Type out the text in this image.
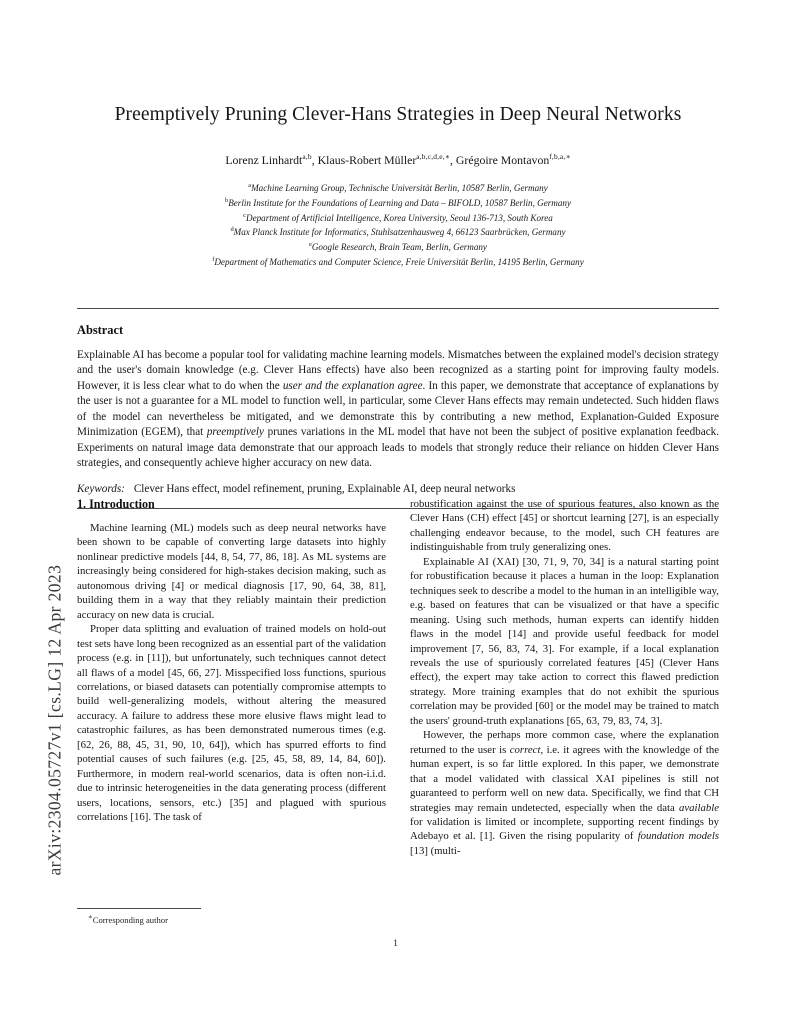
arXiv:2304.05727v1 [cs.LG] 12 Apr 2023
Preemptively Pruning Clever-Hans Strategies in Deep Neural Networks

Lorenz Linhardt$^{a,b}$, Klaus-Robert Müller$^{a,b,c,d,e,∗}$, Grégoire Montavon$^{f,b,a,∗}$

$^a$Machine Learning Group, Technische Universität Berlin, 10587 Berlin, Germany
$^b$Berlin Institute for the Foundations of Learning and Data – BIFOLD, 10587 Berlin, Germany
$^c$Department of Artificial Intelligence, Korea University, Seoul 136-713, South Korea
$^d$Max Planck Institute for Informatics, Stuhlsatzenhausweg 4, 66123 Saarbrücken, Germany
$^e$Google Research, Brain Team, Berlin, Germany
$^f$Department of Mathematics and Computer Science, Freie Universität Berlin, 14195 Berlin, Germany
Abstract

Explainable AI has become a popular tool for validating machine learning models. Mismatches between the explained model's decision strategy and the user's domain knowledge (e.g. Clever Hans effects) have also been recognized as a starting point for improving faulty models. However, it is less clear what to do when the user and the explanation agree. In this paper, we demonstrate that acceptance of explanations by the user is not a guarantee for a ML model to function well, in particular, some Clever Hans effects may remain undetected. Such hidden flaws of the model can nevertheless be mitigated, and we demonstrate this by contributing a new method, Explanation-Guided Exposure Minimization (EGEM), that preemptively prunes variations in the ML model that have not been the subject of positive explanation feedback. Experiments on natural image data demonstrate that our approach leads to models that strongly reduce their reliance on hidden Clever Hans strategies, and consequently achieve higher accuracy on new data.

Keywords: Clever Hans effect, model refinement, pruning, Explainable AI, deep neural networks

1. Introduction

Machine learning (ML) models such as deep neural networks have been shown to be capable of converting large datasets into highly nonlinear predictive models [44, 8, 54, 77, 86, 18]. As ML systems are increasingly being considered for high-stakes decision making, such as autonomous driving [4] or medical diagnosis [17, 90, 64, 38, 81], building them in a way that they reliably maintain their prediction accuracy on new data is crucial.

Proper data splitting and evaluation of trained models on hold-out test sets have long been recognized as an essential part of the validation process (e.g. in [11]), but unfortunately, such techniques cannot detect all flaws of a model [45, 66, 27]. Misspecified loss functions, spurious correlations, or biased datasets can potentially compromise attempts to build well-generalizing models, without altering the measured accuracy. A failure to address these more elusive flaws might lead to catastrophic failures, as has been demonstrated numerous times (e.g. [62, 26, 88, 45, 31, 90, 10, 64]), which has spurred efforts to find potential causes of such failures (e.g. [25, 45, 58, 89, 14, 84, 60]). Furthermore, in modern real-world scenarios, data is often non-i.i.d. due to intrinsic heterogeneities in the data generating process (different users, locations, sensors, etc.) [35] and plagued with spurious correlations [16]. The task of

robustification against the use of spurious features, also known as the Clever Hans (CH) effect [45] or shortcut learning [27], is an especially challenging endeavor because, to the model, such CH features are indistinguishable from truly generalizing ones.

Explainable AI (XAI) [30, 71, 9, 70, 34] is a natural starting point for robustification because it places a human in the loop: Explanation techniques seek to describe a model to the human in an intelligible way, e.g. based on features that can be visualized or that have a specific meaning. Using such methods, human experts can identify hidden flaws in the model [14] and provide useful feedback for model improvement [7, 56, 83, 74, 3]. For example, if a local explanation reveals the use of spuriously correlated features [45] (Clever Hans effect), the expert may take action to correct this flawed prediction strategy. More training examples that do not exhibit the spurious correlation may be provided [60] or the model may be trained to match the users' ground-truth explanations [65, 63, 79, 83, 74, 3].

However, the perhaps more common case, where the explanation returned to the user is correct, i.e. it agrees with the knowledge of the human expert, is so far little explored. In this paper, we demonstrate that a model validated with classical XAI pipelines is still not guaranteed to perform well on new data. Specifically, we find that CH strategies may remain undetected, especially when the data available for validation is limited or incomplete, supporting recent findings by Adebayo et al. [1]. Given the rising popularity of foundation models [13] (multi-

∗Corresponding author

1
